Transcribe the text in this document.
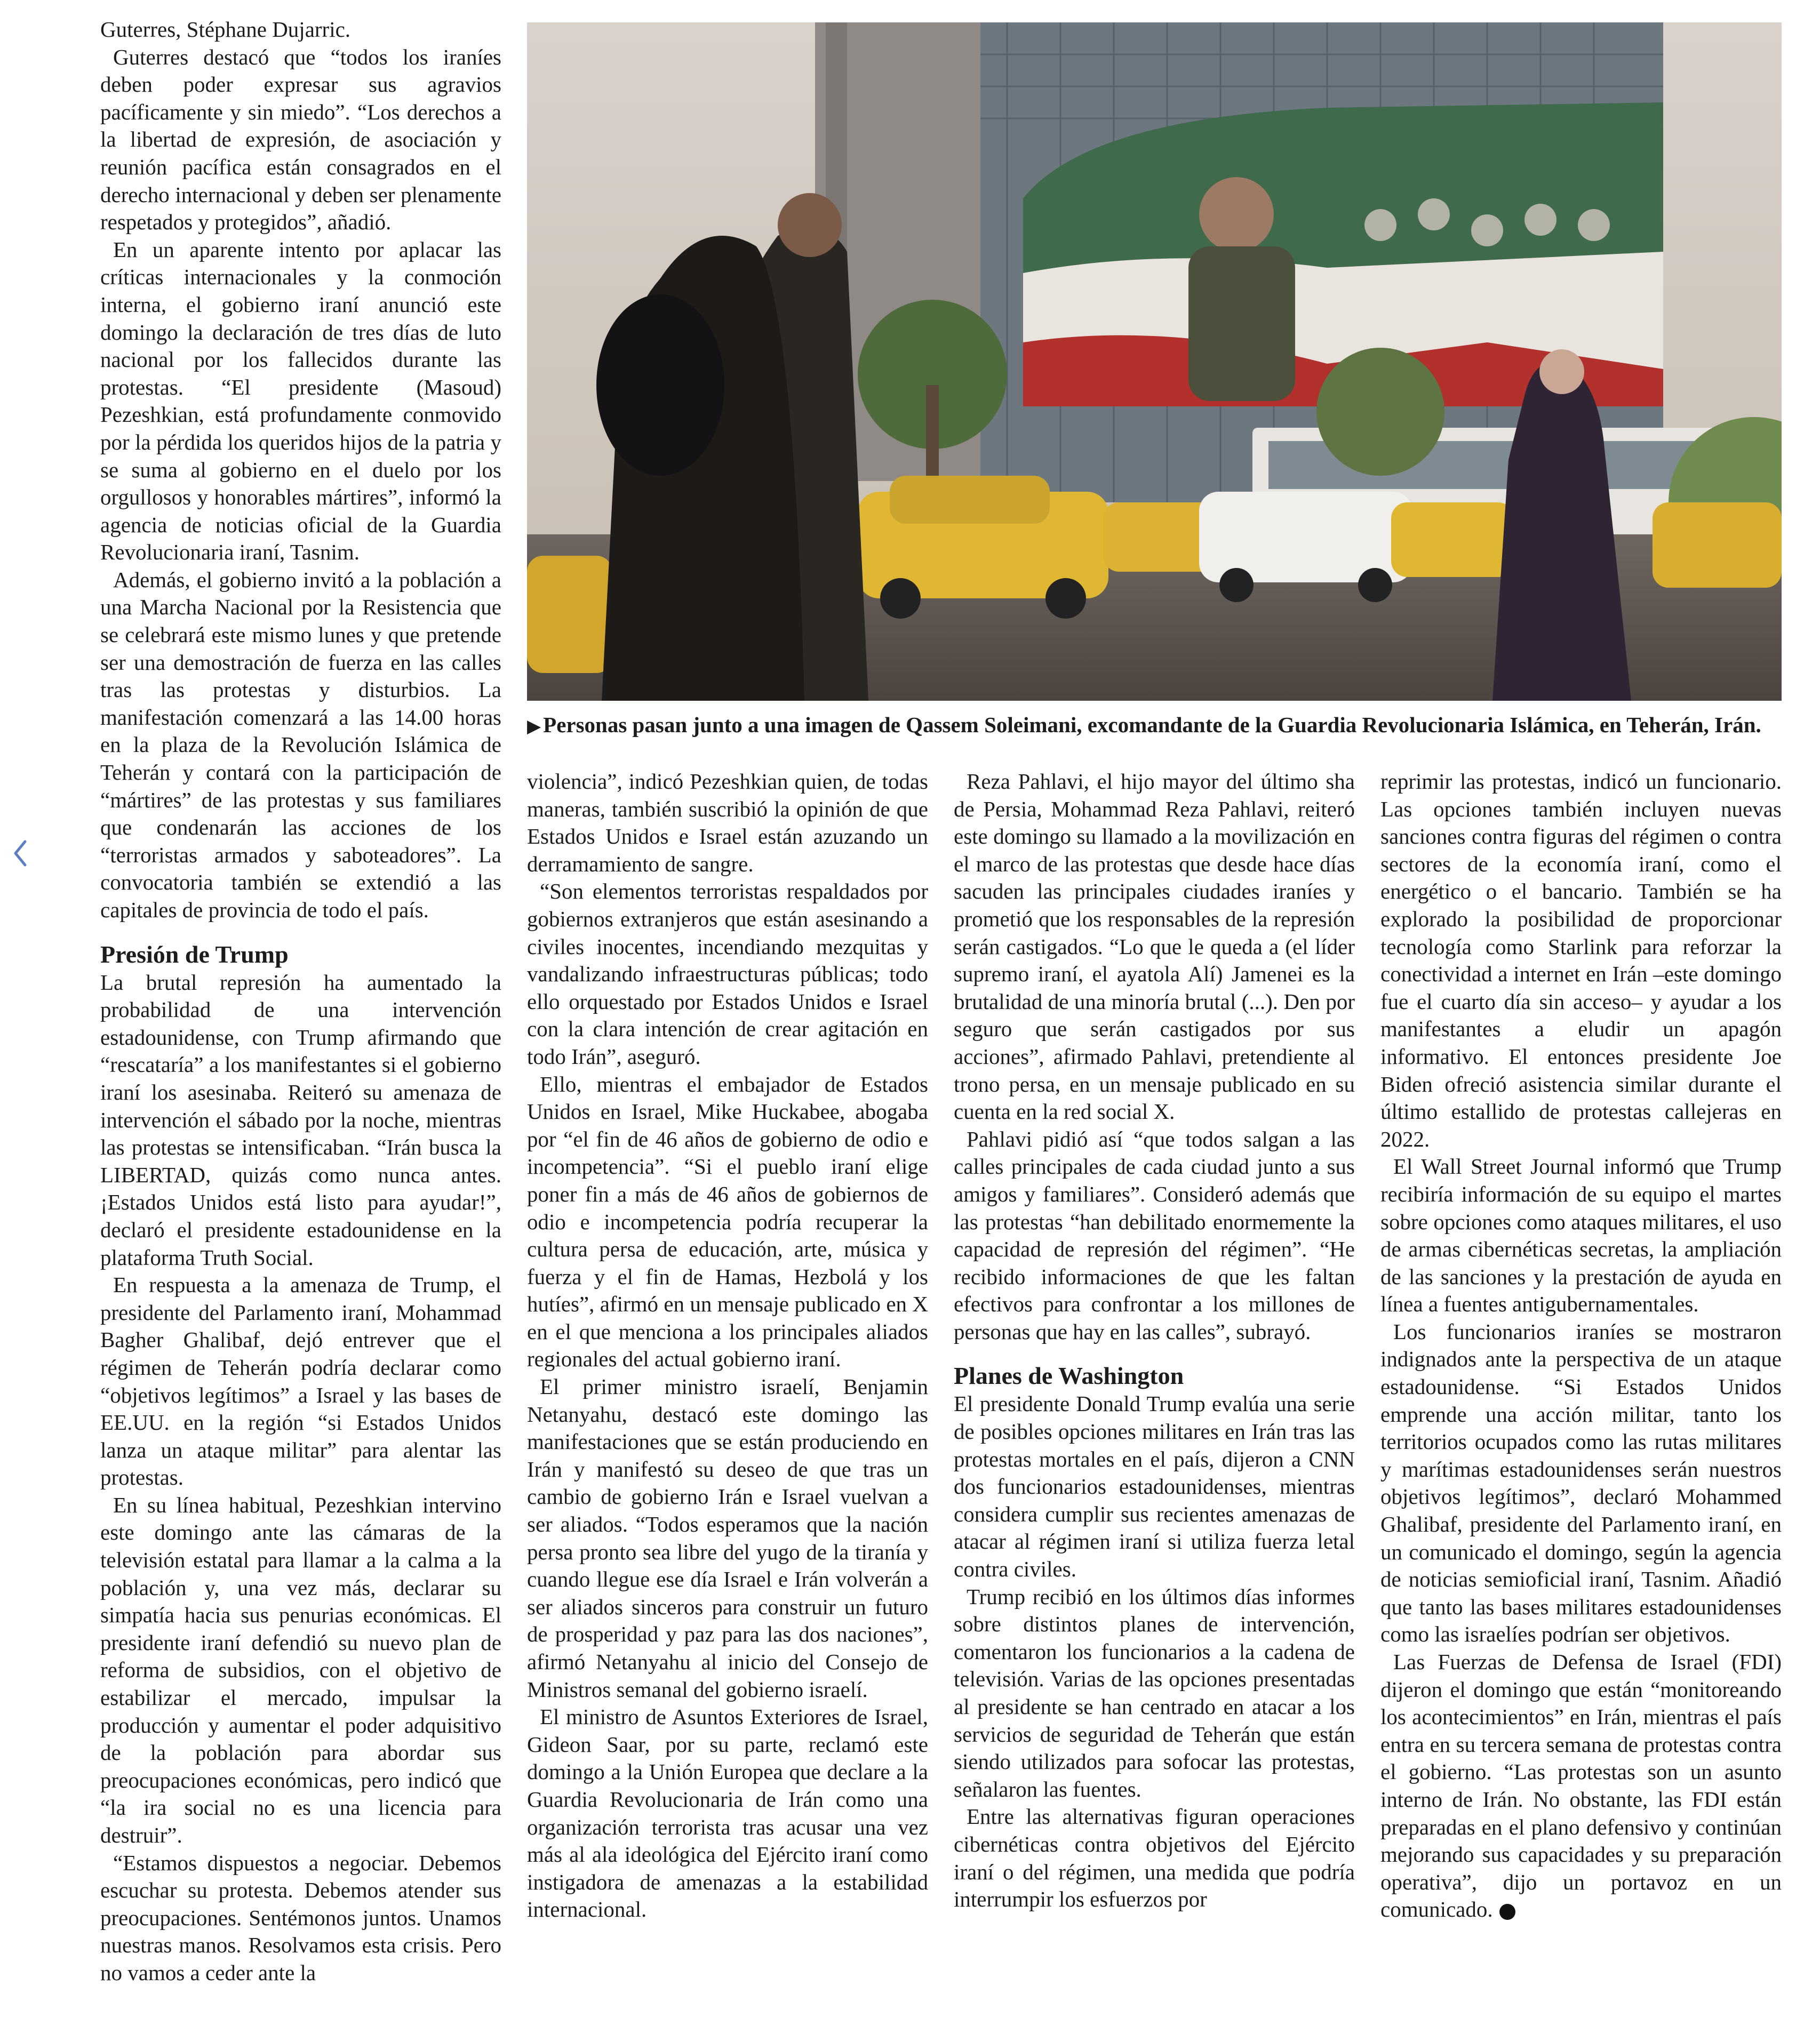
▶Personas pasan junto a una imagen de Qassem Soleimani, excomandante de la Guardia Revolucionaria Islámica, en Teherán, Irán.

Guterres, Stéphane Dujarric.

Guterres destacó que “todos los iraníes deben poder expresar sus agravios pacíficamente y sin miedo”. “Los derechos a la libertad de expresión, de asociación y reunión pacífica están consagrados en el derecho internacional y deben ser plenamente respetados y protegidos”, añadió.

En un aparente intento por aplacar las críticas internacionales y la conmoción interna, el gobierno iraní anunció este domingo la declaración de tres días de luto nacional por los fallecidos durante las protestas. “El presidente (Masoud) Pezeshkian, está profundamente conmovido por la pérdida los queridos hijos de la patria y se suma al gobierno en el duelo por los orgullosos y honorables mártires”, informó la agencia de noticias oficial de la Guardia Revolucionaria iraní, Tasnim.

Además, el gobierno invitó a la población a una Marcha Nacional por la Resistencia que se celebrará este mismo lunes y que pretende ser una demostración de fuerza en las calles tras las protestas y disturbios. La manifestación comenzará a las 14.00 horas en la plaza de la Revolución Islámica de Teherán y contará con la participación de “mártires” de las protestas y sus familiares que condenarán las acciones de los “terroristas armados y saboteadores”. La convocatoria también se extendió a las capitales de provincia de todo el país.

Presión de Trump

La brutal represión ha aumentado la probabilidad de una intervención estadounidense, con Trump afirmando que “rescataría” a los manifestantes si el gobierno iraní los asesinaba. Reiteró su amenaza de intervención el sábado por la noche, mientras las protestas se intensificaban. “Irán busca la LIBERTAD, quizás como nunca antes. ¡Estados Unidos está listo para ayudar!”, declaró el presidente estadounidense en la plataforma Truth Social.

En respuesta a la amenaza de Trump, el presidente del Parlamento iraní, Mohammad Bagher Ghalibaf, dejó entrever que el régimen de Teherán podría declarar como “objetivos legítimos” a Israel y las bases de EE.UU. en la región “si Estados Unidos lanza un ataque militar” para alentar las protestas.

En su línea habitual, Pezeshkian intervino este domingo ante las cámaras de la televisión estatal para llamar a la calma a la población y, una vez más, declarar su simpatía hacia sus penurias económicas. El presidente iraní defendió su nuevo plan de reforma de subsidios, con el objetivo de estabilizar el mercado, impulsar la producción y aumentar el poder adquisitivo de la población para abordar sus preocupaciones económicas, pero indicó que “la ira social no es una licencia para destruir”.

“Estamos dispuestos a negociar. Debemos escuchar su protesta. Debemos atender sus preocupaciones. Sentémonos juntos. Unamos nuestras manos. Resolvamos esta crisis. Pero no vamos a ceder ante la

violencia”, indicó Pezeshkian quien, de todas maneras, también suscribió la opinión de que Estados Unidos e Israel están azuzando un derramamiento de sangre.

“Son elementos terroristas respaldados por gobiernos extranjeros que están asesinando a civiles inocentes, incendiando mezquitas y vandalizando infraestructuras públicas; todo ello orquestado por Estados Unidos e Israel con la clara intención de crear agitación en todo Irán”, aseguró.

Ello, mientras el embajador de Estados Unidos en Israel, Mike Huckabee, abogaba por “el fin de 46 años de gobierno de odio e incompetencia”. “Si el pueblo iraní elige poner fin a más de 46 años de gobiernos de odio e incompetencia podría recuperar la cultura persa de educación, arte, música y fuerza y el fin de Hamas, Hezbolá y los hutíes”, afirmó en un mensaje publicado en X en el que menciona a los principales aliados regionales del actual gobierno iraní.

El primer ministro israelí, Benjamin Netanyahu, destacó este domingo las manifestaciones que se están produciendo en Irán y manifestó su deseo de que tras un cambio de gobierno Irán e Israel vuelvan a ser aliados. “Todos esperamos que la nación persa pronto sea libre del yugo de la tiranía y cuando llegue ese día Israel e Irán volverán a ser aliados sinceros para construir un futuro de prosperidad y paz para las dos naciones”, afirmó Netanyahu al inicio del Consejo de Ministros semanal del gobierno israelí.

El ministro de Asuntos Exteriores de Israel, Gideon Saar, por su parte, reclamó este domingo a la Unión Europea que declare a la Guardia Revolucionaria de Irán como una organización terrorista tras acusar una vez más al ala ideológica del Ejército iraní como instigadora de amenazas a la estabilidad internacional.

Reza Pahlavi, el hijo mayor del último sha de Persia, Mohammad Reza Pahlavi, reiteró este domingo su llamado a la movilización en el marco de las protestas que desde hace días sacuden las principales ciudades iraníes y prometió que los responsables de la represión serán castigados. “Lo que le queda a (el líder supremo iraní, el ayatola Alí) Jamenei es la brutalidad de una minoría brutal (...). Den por seguro que serán castigados por sus acciones”, afirmado Pahlavi, pretendiente al trono persa, en un mensaje publicado en su cuenta en la red social X.

Pahlavi pidió así “que todos salgan a las calles principales de cada ciudad junto a sus amigos y familiares”. Consideró además que las protestas “han debilitado enormemente la capacidad de represión del régimen”. “He recibido informaciones de que les faltan efectivos para confrontar a los millones de personas que hay en las calles”, subrayó.

Planes de Washington

El presidente Donald Trump evalúa una serie de posibles opciones militares en Irán tras las protestas mortales en el país, dijeron a CNN dos funcionarios estadounidenses, mientras considera cumplir sus recientes amenazas de atacar al régimen iraní si utiliza fuerza letal contra civiles.

Trump recibió en los últimos días informes sobre distintos planes de intervención, comentaron los funcionarios a la cadena de televisión. Varias de las opciones presentadas al presidente se han centrado en atacar a los servicios de seguridad de Teherán que están siendo utilizados para sofocar las protestas, señalaron las fuentes.

Entre las alternativas figuran operaciones cibernéticas contra objetivos del Ejército iraní o del régimen, una medida que podría interrumpir los esfuerzos por

reprimir las protestas, indicó un funcionario. Las opciones también incluyen nuevas sanciones contra figuras del régimen o contra sectores de la economía iraní, como el energético o el bancario. También se ha explorado la posibilidad de proporcionar tecnología como Starlink para reforzar la conectividad a internet en Irán –este domingo fue el cuarto día sin acceso– y ayudar a los manifestantes a eludir un apagón informativo. El entonces presidente Joe Biden ofreció asistencia similar durante el último estallido de protestas callejeras en 2022.

El Wall Street Journal informó que Trump recibiría información de su equipo el martes sobre opciones como ataques militares, el uso de armas cibernéticas secretas, la ampliación de las sanciones y la prestación de ayuda en línea a fuentes antigubernamentales.

Los funcionarios iraníes se mostraron indignados ante la perspectiva de un ataque estadounidense. “Si Estados Unidos emprende una acción militar, tanto los territorios ocupados como las rutas militares y marítimas estadounidenses serán nuestros objetivos legítimos”, declaró Mohammed Ghalibaf, presidente del Parlamento iraní, en un comunicado el domingo, según la agencia de noticias semioficial iraní, Tasnim. Añadió que tanto las bases militares estadounidenses como las israelíes podrían ser objetivos.

Las Fuerzas de Defensa de Israel (FDI) dijeron el domingo que están “monitoreando los acontecimientos” en Irán, mientras el país entra en su tercera semana de protestas contra el gobierno. “Las protestas son un asunto interno de Irán. No obstante, las FDI están preparadas en el plano defensivo y continúan mejorando sus capacidades y su preparación operativa”, dijo un portavoz en un comunicado.
